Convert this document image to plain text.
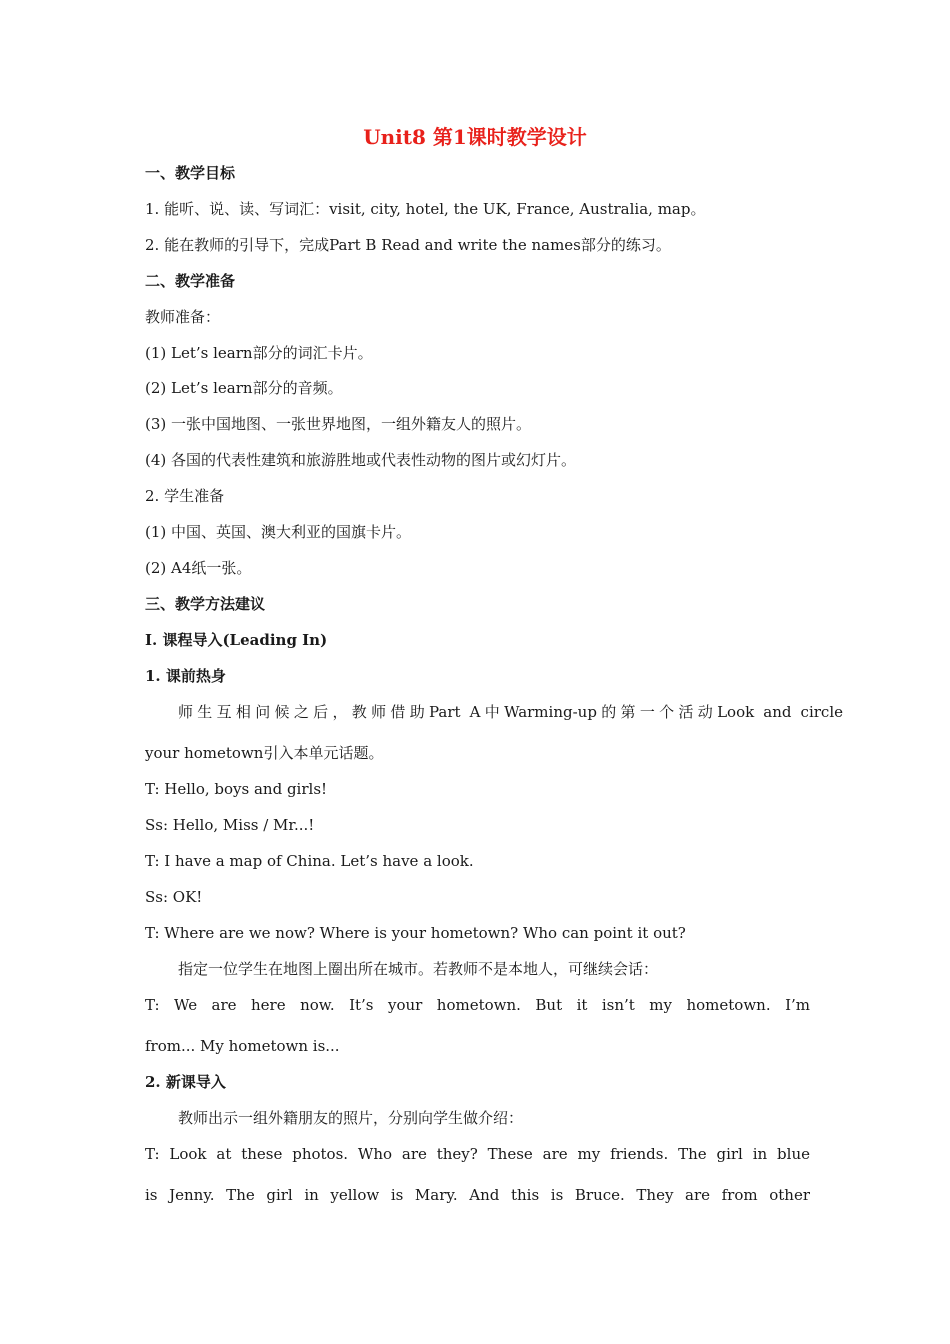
Unit8 第1课时教学设计
一、教学目标
1. 能听、说、读、写词汇：visit, city, hotel, the UK, France, Australia, map。
2. 能在教师的引导下，完成Part B Read and write the names部分的练习。
二、教学准备
教师准备：
(1) Let’s learn部分的词汇卡片。
(2) Let’s learn部分的音频。
(3) 一张中国地图、一张世界地图，一组外籍友人的照片。
(4) 各国的代表性建筑和旅游胜地或代表性动物的图片或幻灯片。
2. 学生准备
(1) 中国、英国、澳大利亚的国旗卡片。
(2) A4纸一张。
三、教学方法建议
I. 课程导入(Leading In)
1. 课前热身
师生互相问候之后，教师借助Part A中Warming-up的第一个活动Look and circle
your hometown引入本单元话题。
T: Hello, boys and girls!
Ss: Hello, Miss / Mr...!
T: I have a map of China. Let’s have a look.
Ss: OK!
T: Where are we now? Where is your hometown? Who can point it out?
指定一位学生在地图上圈出所在城市。若教师不是本地人，可继续会话：
T: We are here now. It’s your hometown. But it isn’t my hometown. I’m
from... My hometown is...
2. 新课导入
教师出示一组外籍朋友的照片，分别向学生做介绍：
T: Look at these photos. Who are they? These are my friends. The girl in blue
is Jenny. The girl in yellow is Mary. And this is Bruce. They are from other
